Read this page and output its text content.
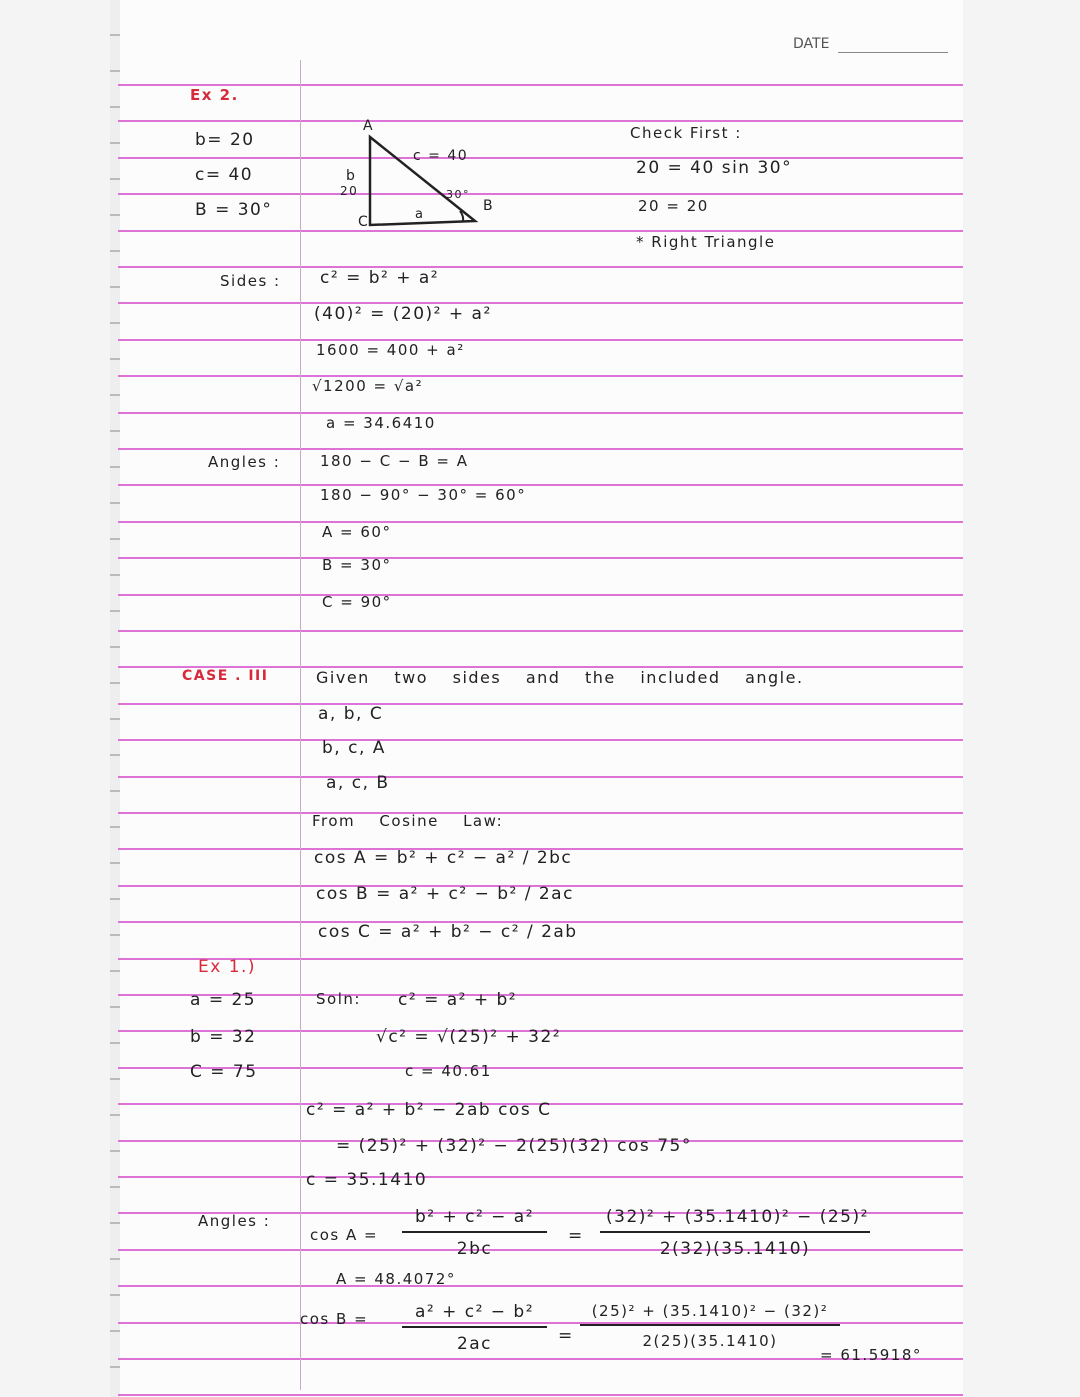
DATE
Ex 2.
b= 20
c= 40
B = 30°
A
B
C
c = 40
b
20
a
30°
Check First :
20 = 40 sin 30°
20 = 20
* Right Triangle
Sides : c² = b² + a²
(40)² = (20)² + a²
1600 = 400 + a²
√1200 = √a²
a = 34.6410
Angles :	180 − C − B = A
180 − 90° − 30° = 60°
A = 60°
B = 30°
C = 90°
CASE . III	Given two sides and the included angle.
a, b, C
b, c, A
a, c, B
From Cosine Law:
cos A = b² + c² − a² / 2bc
cos B = a² + c² − b² / 2ac
cos C = a² + b² − c² / 2ab
Ex 1.)
a = 25
b = 32
C = 75
Soln: c² = a² + b²
√c² = √(25)² + 32²
c = 40.61
c² = a² + b² − 2ab cos C
= (25)² + (32)² − 2(25)(32) cos 75°
c = 35.1410
Angles :
$\cos A = \frac{\text{b² + c² − a²}}{2bc} = \frac{\text{(32)² + (35.1410)² − (25)²}}{2(32)(35.1410)}$
A = 48.4072°
$\cos B = \frac{\text{a² + c² − b²}}{2ac} = \frac{\text{(25)² + (35.1410)² − (32)²}}{2(25)(35.1410)}$
= 61.5918°
